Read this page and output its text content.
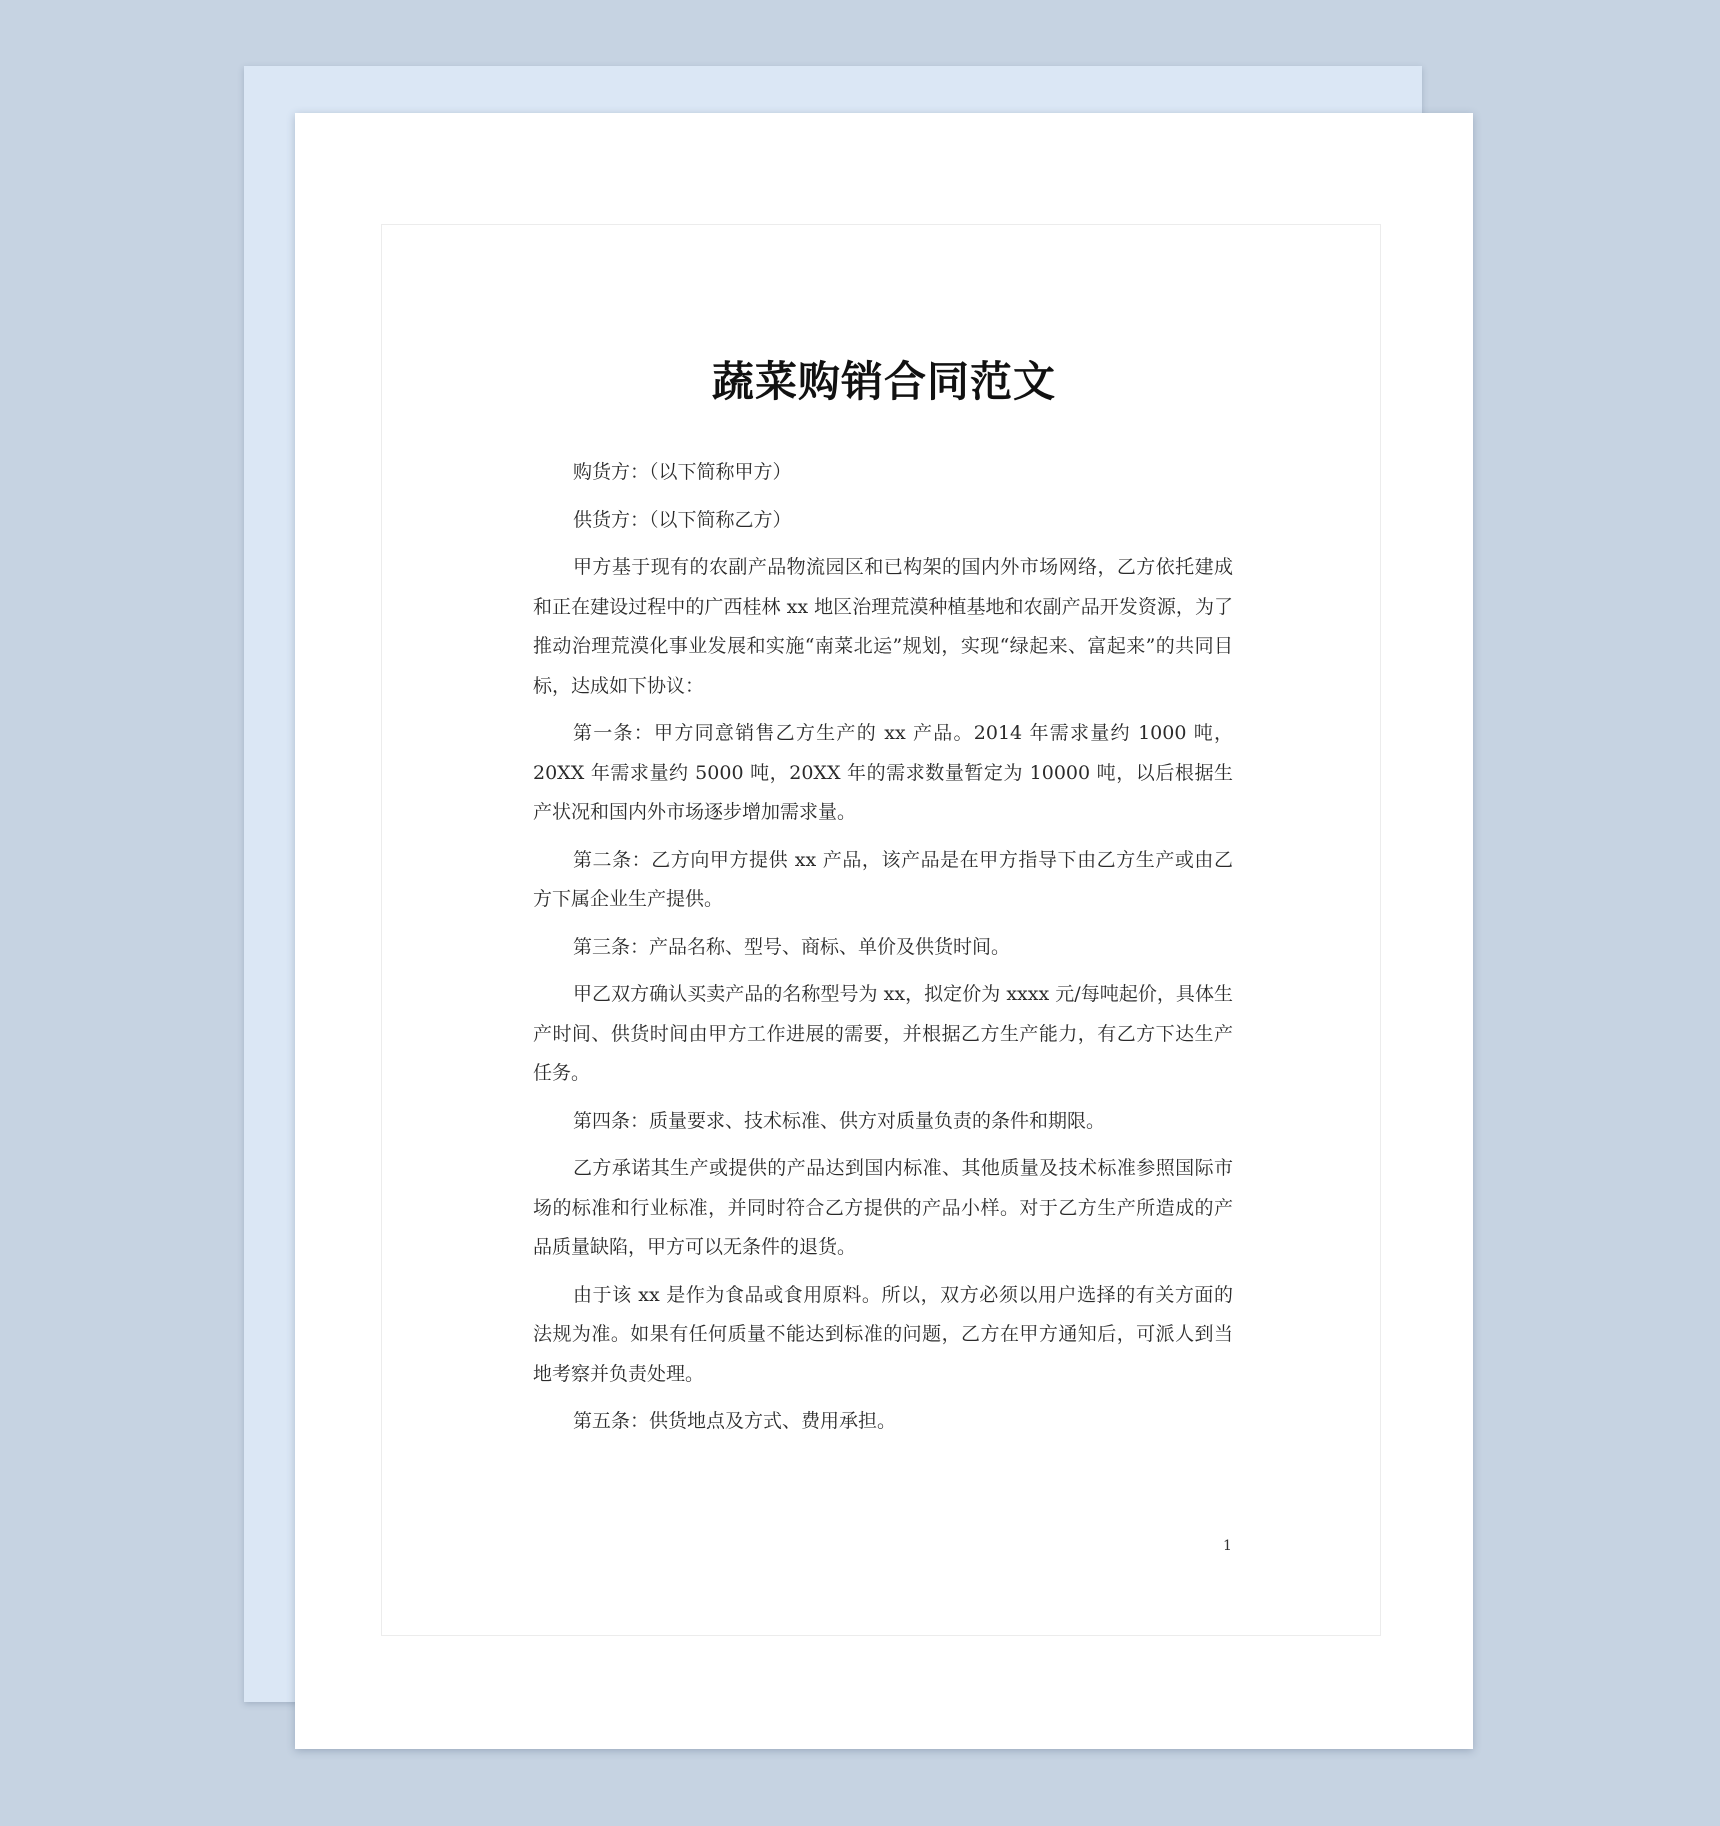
蔬菜购销合同范文

购货方：（以下简称甲方）

供货方：（以下简称乙方）

甲方基于现有的农副产品物流园区和已构架的国内外市场网络，乙方依托建成和正在建设过程中的广西桂林 xx 地区治理荒漠种植基地和农副产品开发资源，为了推动治理荒漠化事业发展和实施“南菜北运”规划，实现“绿起来、富起来”的共同目标，达成如下协议：

第一条：甲方同意销售乙方生产的 xx 产品。2014 年需求量约 1000 吨，20XX 年需求量约 5000 吨，20XX 年的需求数量暂定为 10000 吨，以后根据生产状况和国内外市场逐步增加需求量。

第二条：乙方向甲方提供 xx 产品，该产品是在甲方指导下由乙方生产或由乙方下属企业生产提供。

第三条：产品名称、型号、商标、单价及供货时间。

甲乙双方确认买卖产品的名称型号为 xx，拟定价为 xxxx 元/每吨起价，具体生产时间、供货时间由甲方工作进展的需要，并根据乙方生产能力，有乙方下达生产任务。

第四条：质量要求、技术标准、供方对质量负责的条件和期限。

乙方承诺其生产或提供的产品达到国内标准、其他质量及技术标准参照国际市场的标准和行业标准，并同时符合乙方提供的产品小样。对于乙方生产所造成的产品质量缺陷，甲方可以无条件的退货。

由于该 xx 是作为食品或食用原料。所以，双方必须以用户选择的有关方面的法规为准。如果有任何质量不能达到标准的问题，乙方在甲方通知后，可派人到当地考察并负责处理。

第五条：供货地点及方式、费用承担。

1
